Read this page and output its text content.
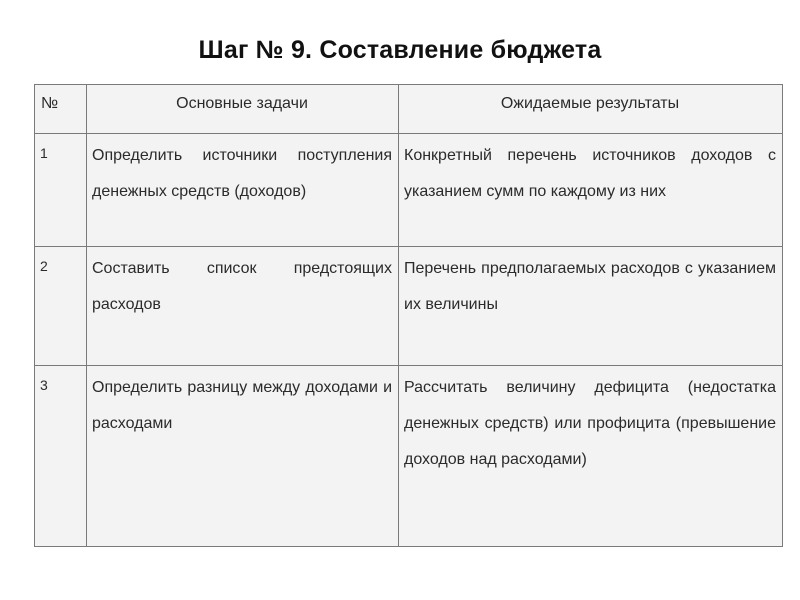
Шаг № 9. Составление бюджета
№	Основные задачи	Ожидаемые результаты
1	Определить источники поступления денежных средств (доходов)	Конкретный перечень источников доходов с указанием сумм по каждому из них
2	Составить список предстоящих расходов	Перечень предполагаемых расходов с указанием их величины
3	Определить разницу между доходами и расходами	Рассчитать величину дефицита (недостатка денежных средств) или профицита (превышение доходов над расходами)
